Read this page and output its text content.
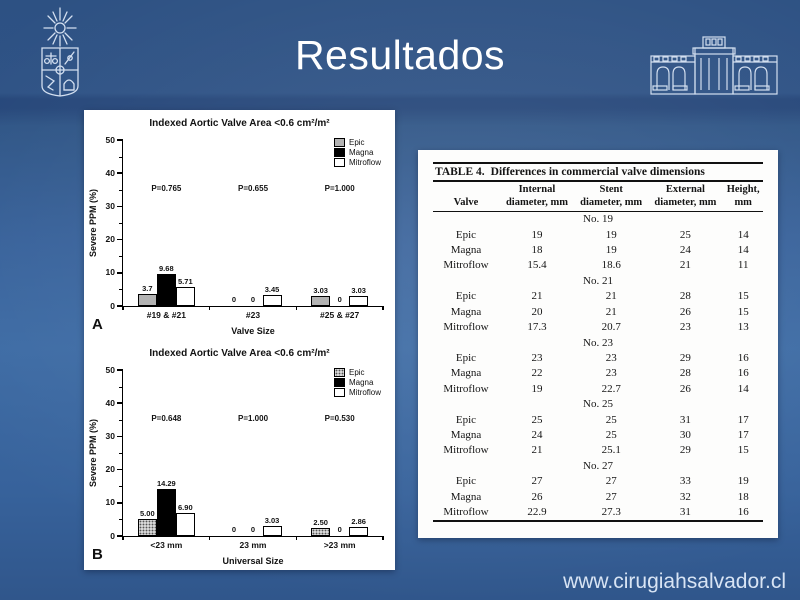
Resultados
Indexed Aortic Valve Area <0.6 cm²/m²
0
10
20
30
40
50
3.7
9.68
5.71
P=0.765
#19 & #21
0	0
3.45
P=0.655
#23
3.03
0
3.03
P=1.000
#25 & #27
Valve Size
Epic
Magna
Mitroflow
Severe PPM (%)
A
Indexed Aortic Valve Area <0.6 cm²/m²
0
10
20
30
40
50
5.00
14.29
6.90
P=0.648
<23 mm
0	0
3.03
P=1.000
23 mm
2.50
0
2.86
P=0.530
>23 mm
Universal Size
Epic
Magna
Mitroflow
Severe PPM (%)
B
TABLE 4. Differences in commercial valve dimensions
Valve

Internal
diameter, mm

Stent
diameter, mm

External
diameter, mm

Height,
mm

No. 19				
Epic	19	19	25	14
Magna	18	19	24	14
Mitroflow	15.4	18.6	21	11
No. 21				
Epic	21	21	28	15
Magna	20	21	26	15
Mitroflow	17.3	20.7	23	13
No. 23				
Epic	23	23	29	16
Magna	22	23	28	16
Mitroflow	19	22.7	26	14
No. 25				
Epic	25	25	31	17
Magna	24	25	30	17
Mitroflow	21	25.1	29	15
No. 27				
Epic	27	27	33	19
Magna	26	27	32	18
Mitroflow	22.9	27.3	31	16
www.cirugiahsalvador.cl
